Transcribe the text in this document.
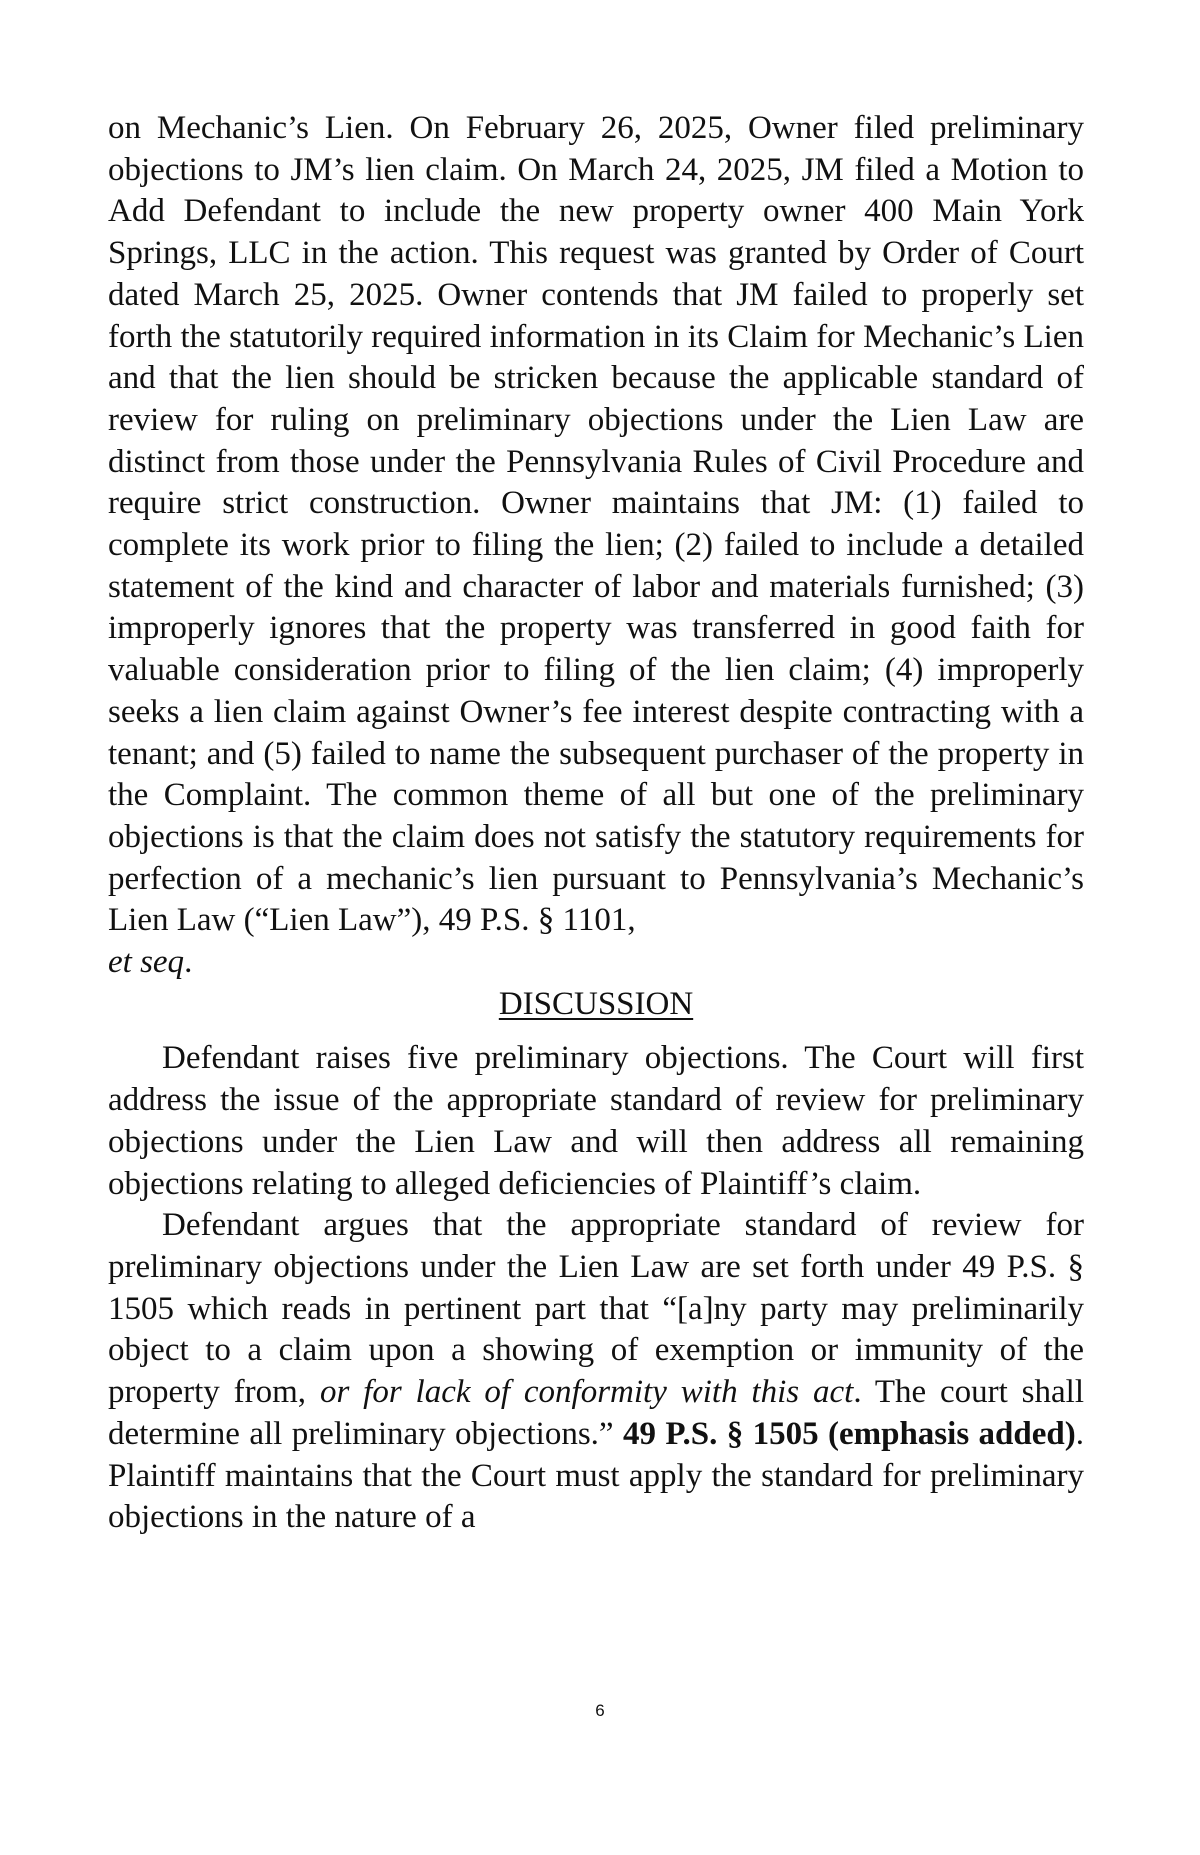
on Mechanic’s Lien. On February 26, 2025, Owner filed preliminary objections to JM’s lien claim. On March 24, 2025, JM filed a Motion to Add Defendant to include the new property owner 400 Main York Springs, LLC in the action. This request was granted by Order of Court dated March 25, 2025. Owner contends that JM failed to properly set forth the statutorily required information in its Claim for Mechanic’s Lien and that the lien should be stricken because the applicable standard of review for ruling on preliminary objections under the Lien Law are distinct from those under the Pennsylvania Rules of Civil Procedure and require strict construction. Owner maintains that JM: (1) failed to complete its work prior to filing the lien; (2) failed to include a detailed statement of the kind and character of labor and materials furnished; (3) improperly ignores that the property was transferred in good faith for valuable consideration prior to filing of the lien claim; (4) improperly seeks a lien claim against Owner’s fee interest despite contracting with a tenant; and (5) failed to name the subsequent purchaser of the property in the Complaint. The common theme of all but one of the preliminary objections is that the claim does not satisfy the statutory requirements for perfection of a mechanic’s lien pursuant to Pennsylvania’s Mechanic’s Lien Law (“Lien Law”), 49 P.S. § 1101,
et seq.

DISCUSSION

Defendant raises five preliminary objections. The Court will first address the issue of the appropriate standard of review for preliminary objections under the Lien Law and will then address all remaining objections relating to alleged deficiencies of Plaintiff’s claim.

Defendant argues that the appropriate standard of review for preliminary objections under the Lien Law are set forth under 49 P.S. § 1505 which reads in pertinent part that “[a]ny party may preliminarily object to a claim upon a showing of exemption or immunity of the property from, or for lack of conformity with this act. The court shall determine all preliminary objections.” 49 P.S. § 1505 (emphasis added). Plaintiff maintains that the Court must apply the standard for preliminary objections in the nature of a

6
